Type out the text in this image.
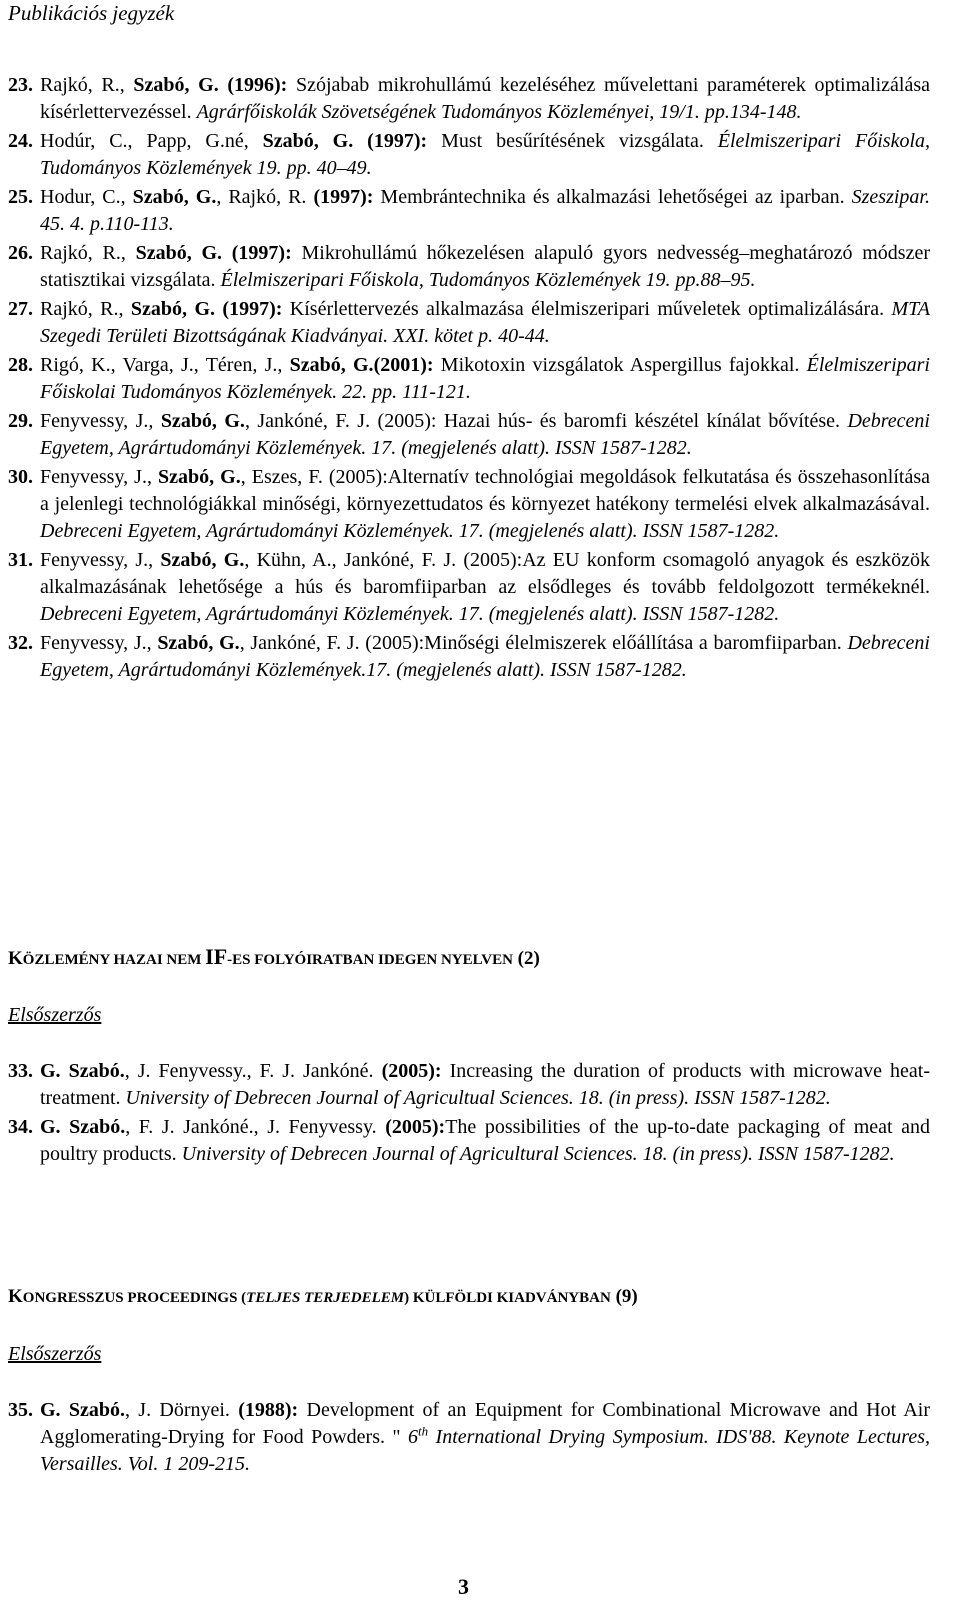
Publikációs jegyzék
23. Rajkó, R., Szabó, G. (1996): Szójabab mikrohullámú kezeléséhez művelettani paraméterek optimalizálása kísérlettervezéssel. Agrárfőiskolák Szövetségének Tudományos Közleményei, 19/1. pp.134-148.
24. Hodúr, C., Papp, G.né, Szabó, G. (1997): Must besűrítésének vizsgálata. Élelmiszeripari Főiskola, Tudományos Közlemények 19. pp. 40–49.
25. Hodur, C., Szabó, G., Rajkó, R. (1997): Membrántechnika és alkalmazási lehetőségei az iparban. Szeszipar. 45. 4. p.110-113.
26. Rajkó, R., Szabó, G. (1997): Mikrohullámú hőkezelésen alapuló gyors nedvesség–meghatározó módszer statisztikai vizsgálata. Élelmiszeripari Főiskola, Tudományos Közlemények 19. pp.88–95.
27. Rajkó, R., Szabó, G. (1997): Kísérlettervezés alkalmazása élelmiszeripari műveletek optimalizálására. MTA Szegedi Területi Bizottságának Kiadványai. XXI. kötet p. 40-44.
28. Rigó, K., Varga, J., Téren, J., Szabó, G.(2001): Mikotoxin vizsgálatok Aspergillus fajokkal. Élelmiszeripari Főiskolai Tudományos Közlemények. 22. pp. 111-121.
29. Fenyvessy, J., Szabó, G., Jankóné, F. J. (2005): Hazai hús- és baromfi készétel kínálat bővítése. Debreceni Egyetem, Agrártudományi Közlemények. 17. (megjelenés alatt). ISSN 1587-1282.
30. Fenyvessy, J., Szabó, G., Eszes, F. (2005):Alternatív technológiai megoldások felkutatása és összehasonlítása a jelenlegi technológiákkal minőségi, környezettudatos és környezet hatékony termelési elvek alkalmazásával. Debreceni Egyetem, Agrártudományi Közlemények. 17. (megjelenés alatt). ISSN 1587-1282.
31. Fenyvessy, J., Szabó, G., Kühn, A., Jankóné, F. J. (2005):Az EU konform csomagoló anyagok és eszközök alkalmazásának lehetősége a hús és baromfiiparban az elsődleges és tovább feldolgozott termékeknél. Debreceni Egyetem, Agrártudományi Közlemények. 17. (megjelenés alatt). ISSN 1587-1282.
32. Fenyvessy, J., Szabó, G., Jankóné, F. J. (2005):Minőségi élelmiszerek előállítása a baromfiiparban. Debreceni Egyetem, Agrártudományi Közlemények.17. (megjelenés alatt). ISSN 1587-1282.
KÖZLEMÉNY HAZAI NEM IF-ES FOLYÓIRATBAN IDEGEN NYELVEN (2)
Elsőszerzős
33. G. Szabó., J. Fenyvessy., F. J. Jankóné. (2005): Increasing the duration of products with microwave heat-treatment. University of Debrecen Journal of Agricultual Sciences. 18. (in press). ISSN 1587-1282.
34. G. Szabó., F. J. Jankóné., J. Fenyvessy. (2005):The possibilities of the up-to-date packaging of meat and poultry products. University of Debrecen Journal of Agricultural Sciences. 18. (in press). ISSN 1587-1282.
KONGRESSZUS PROCEEDINGS (TELJES TERJEDELEM) KÜLFÖLDI KIADVÁNYBAN (9)
Elsőszerzős
35. G. Szabó., J. Dörnyei. (1988): Development of an Equipment for Combinational Microwave and Hot Air Agglomerating-Drying for Food Powders. " 6th International Drying Symposium. IDS'88. Keynote Lectures, Versailles. Vol. 1 209-215.
3
